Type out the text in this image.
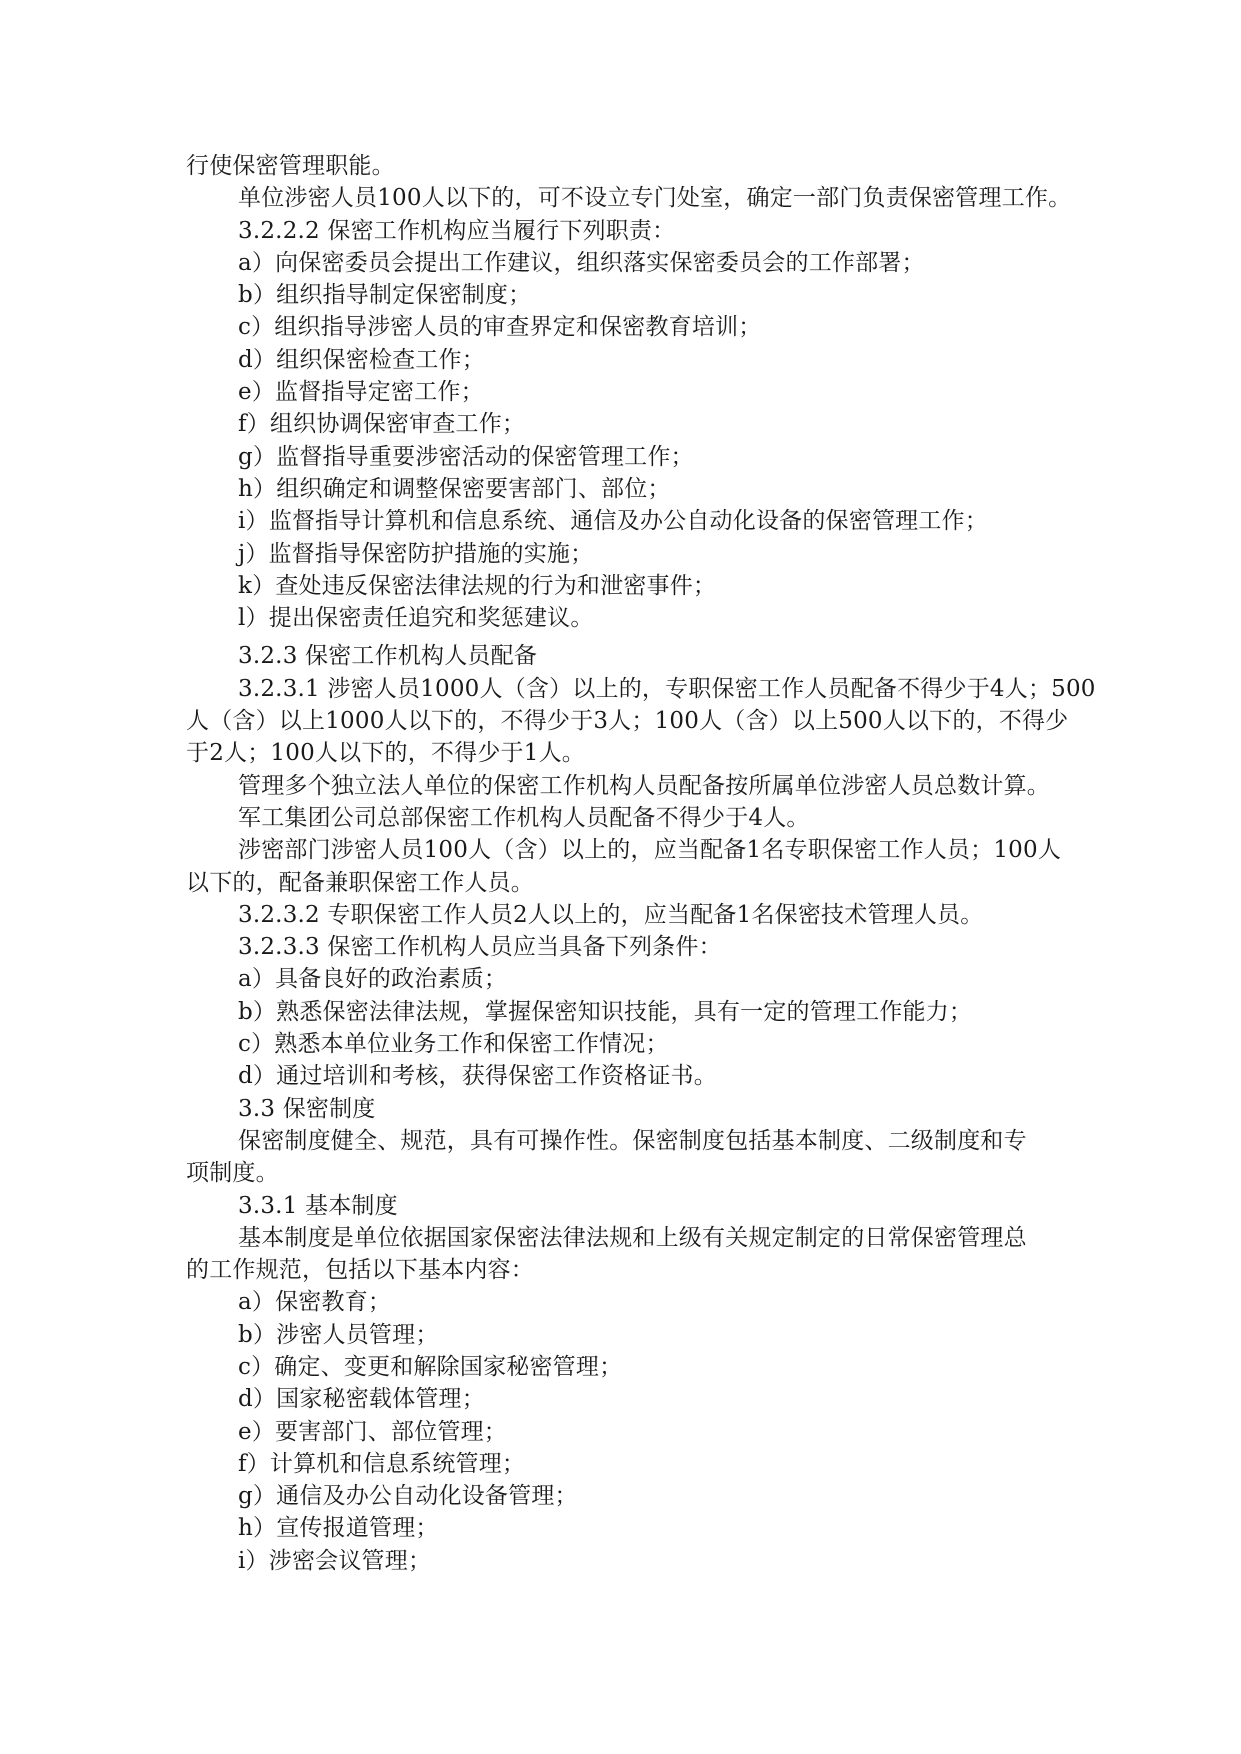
行使保密管理职能。
单位涉密人员100人以下的，可不设立专门处室，确定一部门负责保密管理工作。
3.2.2.2 保密工作机构应当履行下列职责：
a）向保密委员会提出工作建议，组织落实保密委员会的工作部署；
b）组织指导制定保密制度；
c）组织指导涉密人员的审查界定和保密教育培训；
d）组织保密检查工作；
e）监督指导定密工作；
f）组织协调保密审查工作；
g）监督指导重要涉密活动的保密管理工作；
h）组织确定和调整保密要害部门、部位；
i）监督指导计算机和信息系统、通信及办公自动化设备的保密管理工作；
j）监督指导保密防护措施的实施；
k）查处违反保密法律法规的行为和泄密事件；
l）提出保密责任追究和奖惩建议。
3.2.3 保密工作机构人员配备
3.2.3.1 涉密人员1000人（含）以上的，专职保密工作人员配备不得少于4人；500
人（含）以上1000人以下的，不得少于3人；100人（含）以上500人以下的，不得少
于2人；100人以下的，不得少于1人。
管理多个独立法人单位的保密工作机构人员配备按所属单位涉密人员总数计算。
军工集团公司总部保密工作机构人员配备不得少于4人。
涉密部门涉密人员100人（含）以上的，应当配备1名专职保密工作人员；100人
以下的，配备兼职保密工作人员。
3.2.3.2 专职保密工作人员2人以上的，应当配备1名保密技术管理人员。
3.2.3.3 保密工作机构人员应当具备下列条件：
a）具备良好的政治素质；
b）熟悉保密法律法规，掌握保密知识技能，具有一定的管理工作能力；
c）熟悉本单位业务工作和保密工作情况；
d）通过培训和考核，获得保密工作资格证书。
3.3 保密制度
保密制度健全、规范，具有可操作性。保密制度包括基本制度、二级制度和专
项制度。
3.3.1 基本制度
基本制度是单位依据国家保密法律法规和上级有关规定制定的日常保密管理总
的工作规范，包括以下基本内容：
a）保密教育；
b）涉密人员管理；
c）确定、变更和解除国家秘密管理；
d）国家秘密载体管理；
e）要害部门、部位管理；
f）计算机和信息系统管理；
g）通信及办公自动化设备管理；
h）宣传报道管理；
i）涉密会议管理；
